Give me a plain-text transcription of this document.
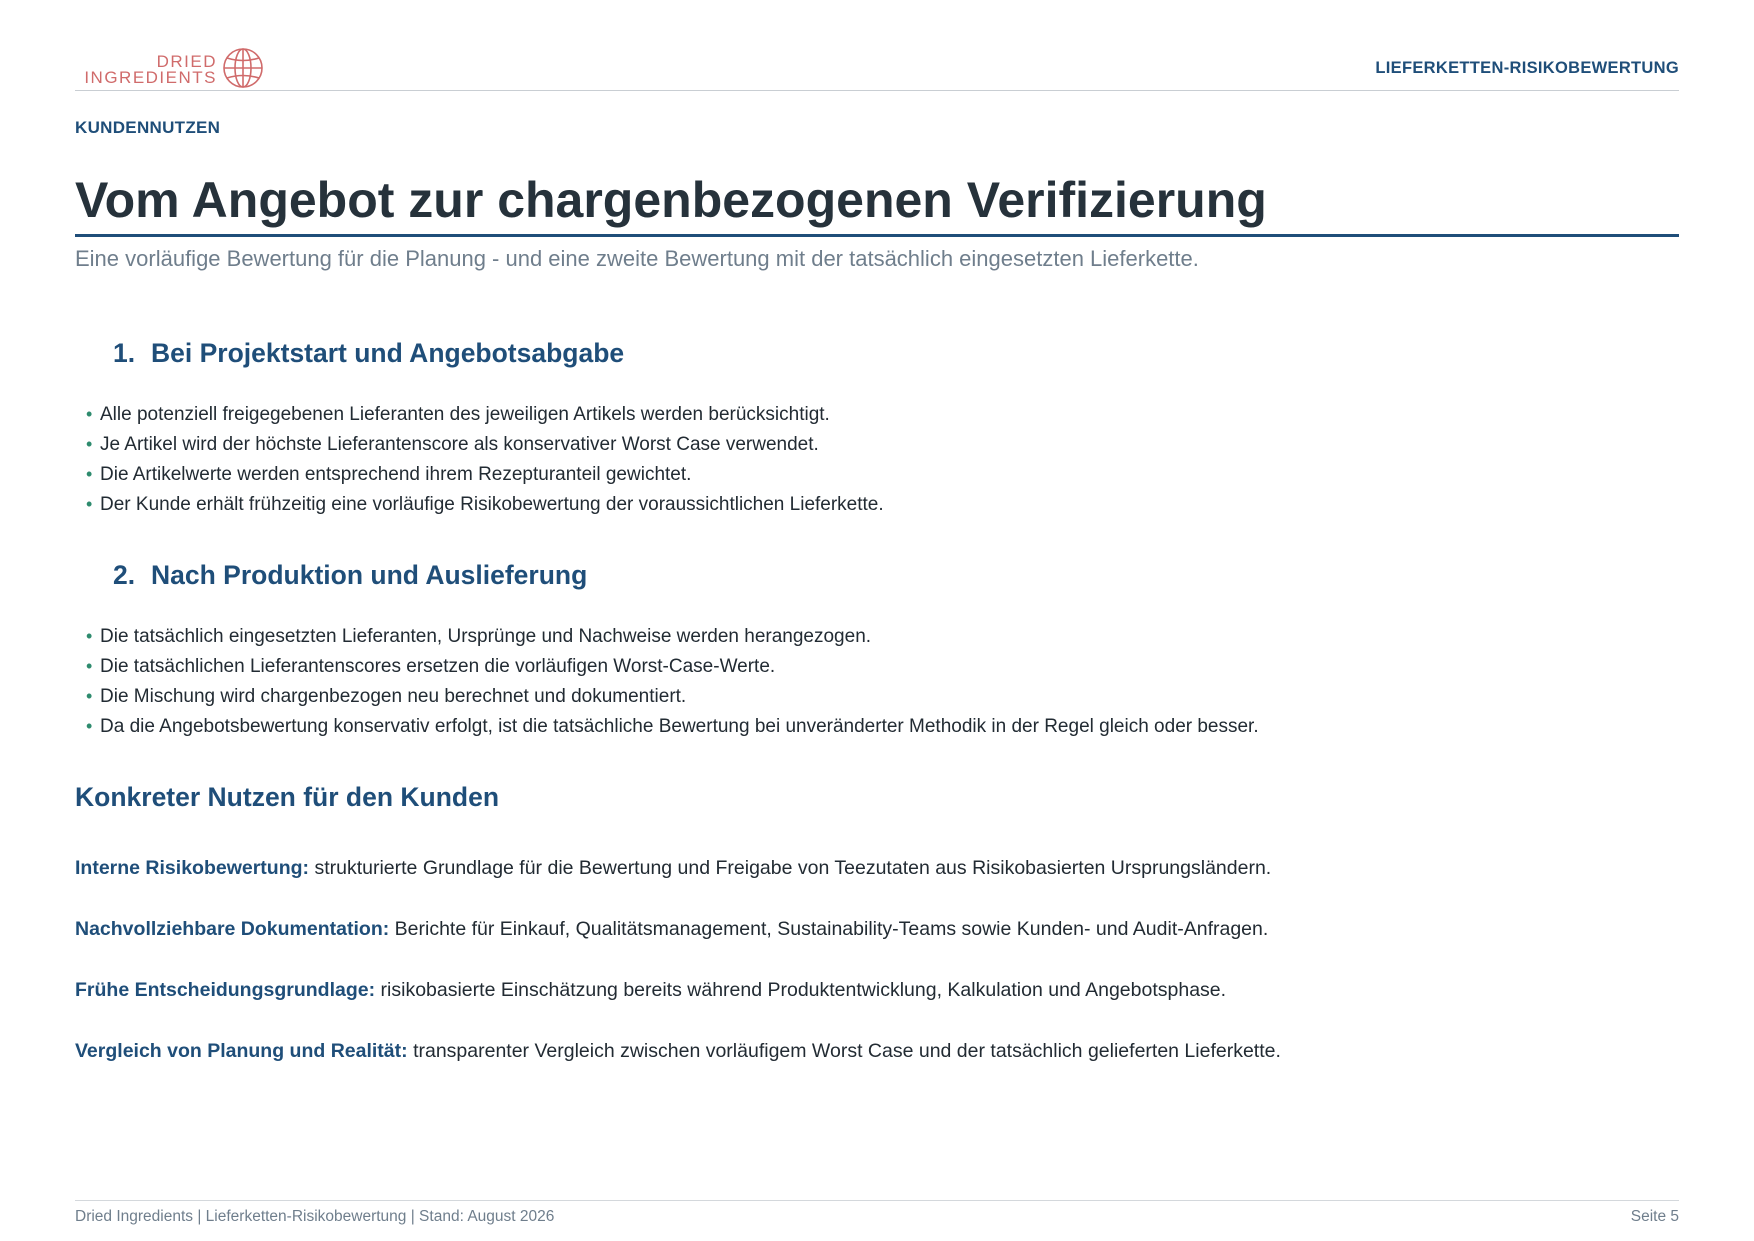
DRIED
INGREDIENTS	LIEFERKETTEN-RISIKOBEWERTUNG
KUNDENNUTZEN
Vom Angebot zur chargenbezogenen Verifizierung
Eine vorläufige Bewertung für die Planung - und eine zweite Bewertung mit der tatsächlich eingesetzten Lieferkette.
1. Bei Projektstart und Angebotsabgabe
• Alle potenziell freigegebenen Lieferanten des jeweiligen Artikels werden berücksichtigt.
• Je Artikel wird der höchste Lieferantenscore als konservativer Worst Case verwendet.
• Die Artikelwerte werden entsprechend ihrem Rezepturanteil gewichtet.
• Der Kunde erhält frühzeitig eine vorläufige Risikobewertung der voraussichtlichen Lieferkette.
2. Nach Produktion und Auslieferung
• Die tatsächlich eingesetzten Lieferanten, Ursprünge und Nachweise werden herangezogen.
• Die tatsächlichen Lieferantenscores ersetzen die vorläufigen Worst-Case-Werte.
• Die Mischung wird chargenbezogen neu berechnet und dokumentiert.
• Da die Angebotsbewertung konservativ erfolgt, ist die tatsächliche Bewertung bei unveränderter Methodik in der Regel gleich oder besser.
Konkreter Nutzen für den Kunden
Interne Risikobewertung: strukturierte Grundlage für die Bewertung und Freigabe von Teezutaten aus Risikobasierten Ursprungsländern.
Nachvollziehbare Dokumentation: Berichte für Einkauf, Qualitätsmanagement, Sustainability-Teams sowie Kunden- und Audit-Anfragen.
Frühe Entscheidungsgrundlage: risikobasierte Einschätzung bereits während Produktentwicklung, Kalkulation und Angebotsphase.
Vergleich von Planung und Realität: transparenter Vergleich zwischen vorläufigem Worst Case und der tatsächlich gelieferten Lieferkette.
Dried Ingredients | Lieferketten-Risikobewertung | Stand: August 2026	Seite 5
